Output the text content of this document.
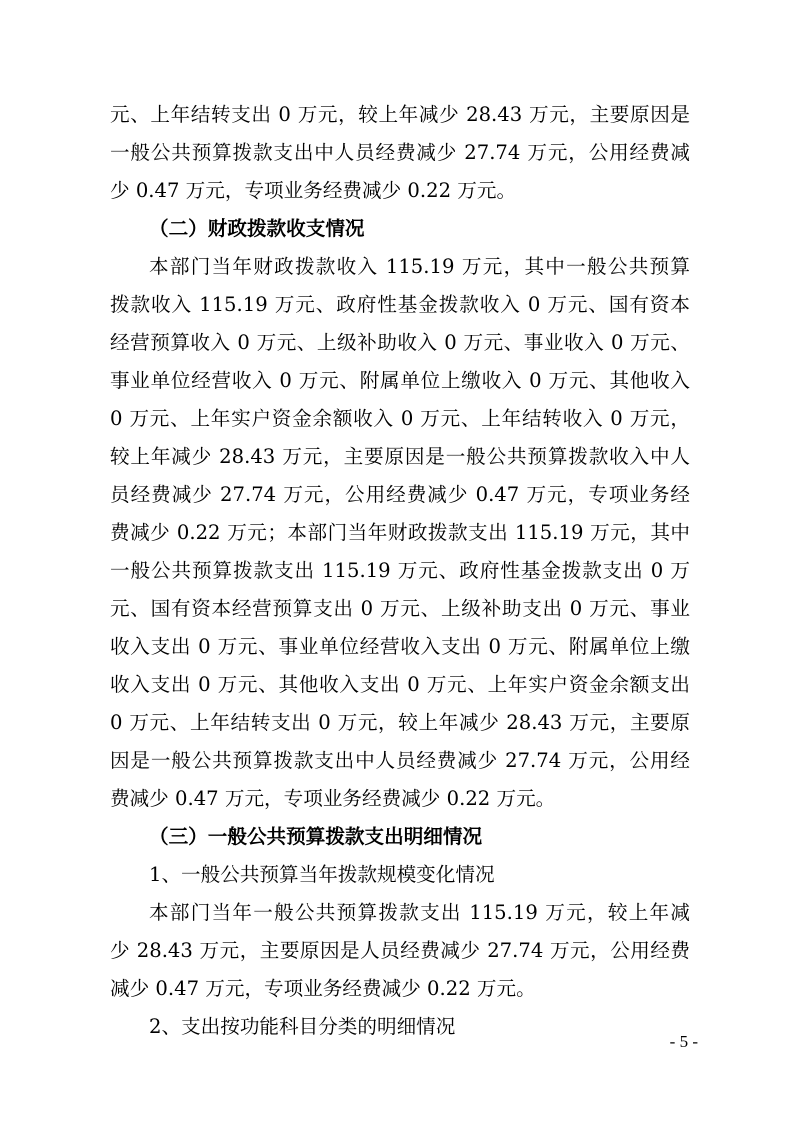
元、上年结转支出 0 万元，较上年减少 28.43 万元，主要原因是
一般公共预算拨款支出中人员经费减少 27.74 万元，公用经费减
少 0.47 万元，专项业务经费减少 0.22 万元。
（二）财政拨款收支情况
本部门当年财政拨款收入 115.19 万元，其中一般公共预算
拨款收入 115.19 万元、政府性基金拨款收入 0 万元、国有资本
经营预算收入 0 万元、上级补助收入 0 万元、事业收入 0 万元、
事业单位经营收入 0 万元、附属单位上缴收入 0 万元、其他收入
0 万元、上年实户资金余额收入 0 万元、上年结转收入 0 万元，
较上年减少 28.43 万元，主要原因是一般公共预算拨款收入中人
员经费减少 27.74 万元，公用经费减少 0.47 万元，专项业务经
费减少 0.22 万元；本部门当年财政拨款支出 115.19 万元，其中
一般公共预算拨款支出 115.19 万元、政府性基金拨款支出 0 万
元、国有资本经营预算支出 0 万元、上级补助支出 0 万元、事业
收入支出 0 万元、事业单位经营收入支出 0 万元、附属单位上缴
收入支出 0 万元、其他收入支出 0 万元、上年实户资金余额支出
0 万元、上年结转支出 0 万元，较上年减少 28.43 万元，主要原
因是一般公共预算拨款支出中人员经费减少 27.74 万元，公用经
费减少 0.47 万元，专项业务经费减少 0.22 万元。
（三）一般公共预算拨款支出明细情况
1、一般公共预算当年拨款规模变化情况
本部门当年一般公共预算拨款支出 115.19 万元，较上年减
少 28.43 万元，主要原因是人员经费减少 27.74 万元，公用经费
减少 0.47 万元，专项业务经费减少 0.22 万元。
2、支出按功能科目分类的明细情况
- 5 -
